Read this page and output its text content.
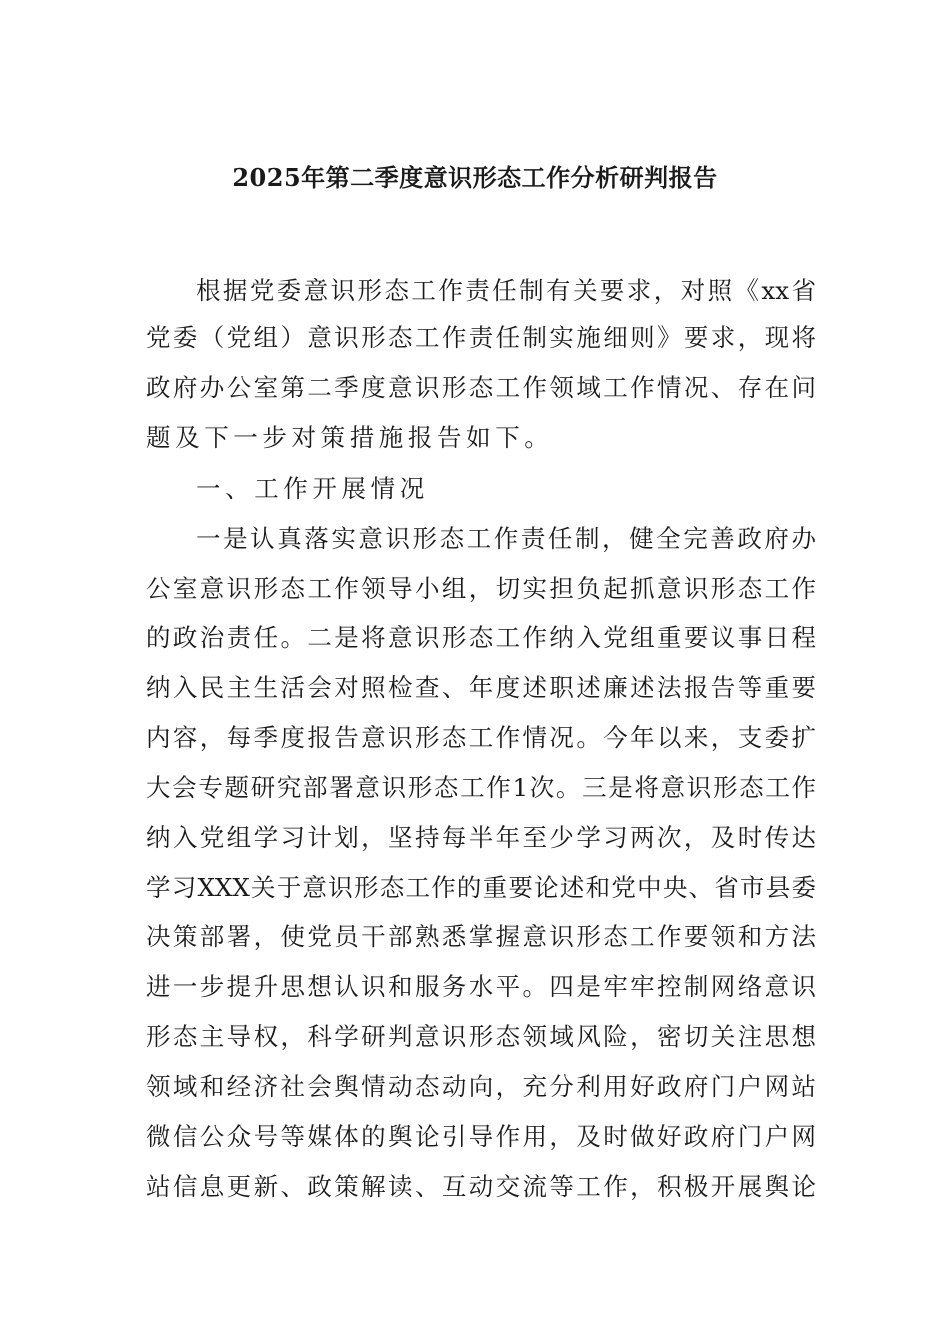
2025年第二季度意识形态工作分析研判报告
根据党委意识形态工作责任制有关要求，对照《xx省
党委（党组）意识形态工作责任制实施细则》要求，现将
政府办公室第二季度意识形态工作领域工作情况、存在问
题及下一步对策措施报告如下。
一、工作开展情况
一是认真落实意识形态工作责任制，健全完善政府办
公室意识形态工作领导小组，切实担负起抓意识形态工作
的政治责任。二是将意识形态工作纳入党组重要议事日程
纳入民主生活会对照检查、年度述职述廉述法报告等重要
内容，每季度报告意识形态工作情况。今年以来，支委扩
大会专题研究部署意识形态工作1次。三是将意识形态工作
纳入党组学习计划，坚持每半年至少学习两次，及时传达
学习XXX关于意识形态工作的重要论述和党中央、省市县委
决策部署，使党员干部熟悉掌握意识形态工作要领和方法
进一步提升思想认识和服务水平。四是牢牢控制网络意识
形态主导权，科学研判意识形态领域风险，密切关注思想
领域和经济社会舆情动态动向，充分利用好政府门户网站
微信公众号等媒体的舆论引导作用，及时做好政府门户网
站信息更新、政策解读、互动交流等工作，积极开展舆论
